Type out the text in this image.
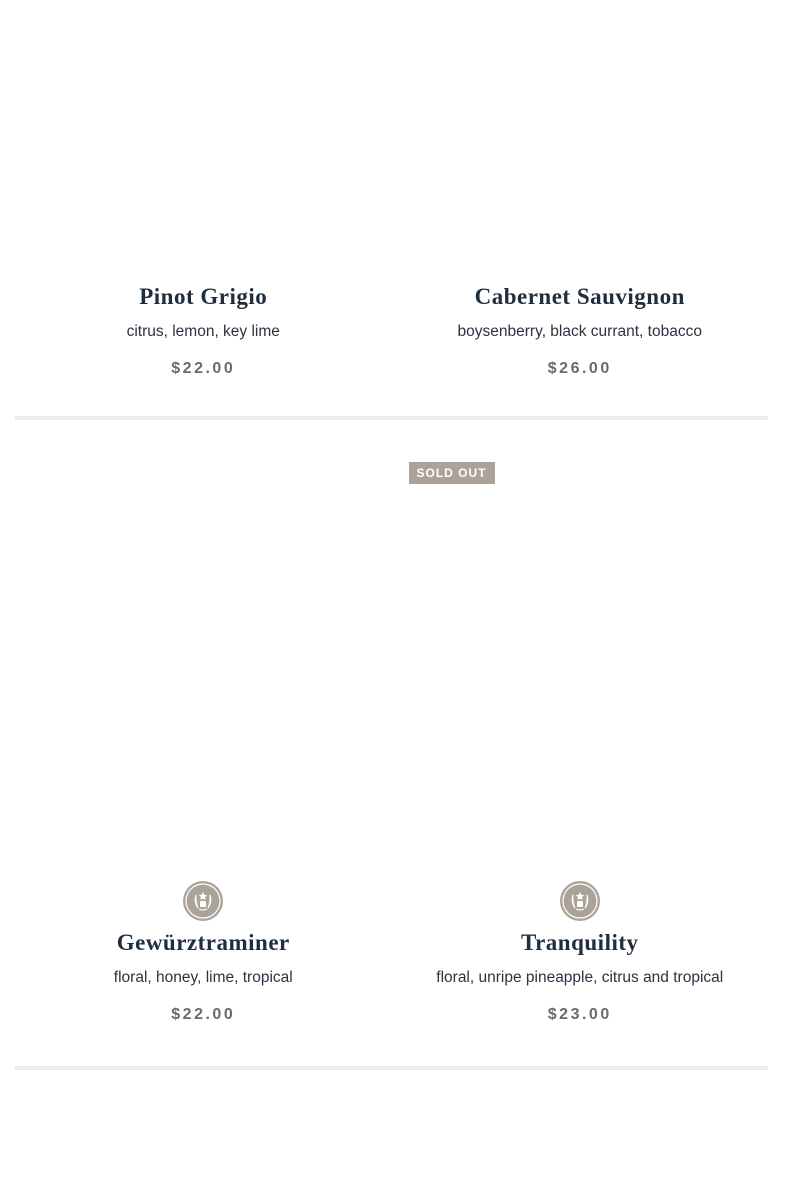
Pinot Grigio
citrus, lemon, key lime
$22.00
Cabernet Sauvignon
boysenberry, black currant, tobacco
$26.00
Gewürztraminer
floral, honey, lime, tropical
$22.00
SOLD OUT
Tranquility
floral, unripe pineapple, citrus and tropical
$23.00
